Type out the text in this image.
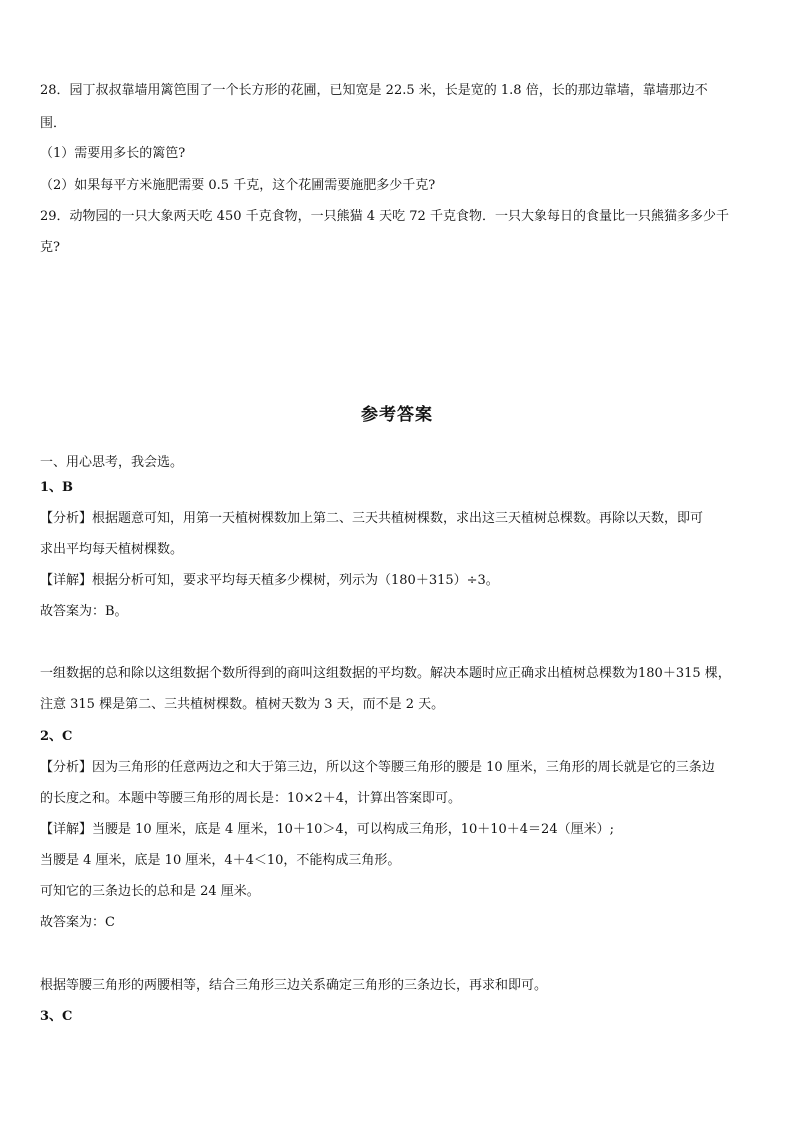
28．园丁叔叔靠墙用篱笆围了一个长方形的花圃，已知宽是 22.5 米，长是宽的 1.8 倍，长的那边靠墙，靠墙那边不
围．
（1）需要用多长的篱笆?
（2）如果每平方米施肥需要 0.5 千克，这个花圃需要施肥多少千克?
29．动物园的一只大象两天吃 450 千克食物，一只熊猫 4 天吃 72 千克食物．一只大象每日的食量比一只熊猫多多少千
克?
参考答案
一、用心思考，我会选。
1、B
【分析】根据题意可知，用第一天植树棵数加上第二、三天共植树棵数，求出这三天植树总棵数。再除以天数，即可
求出平均每天植树棵数。
【详解】根据分析可知，要求平均每天植多少棵树，列示为（180＋315）÷3。
故答案为：B。
一组数据的总和除以这组数据个数所得到的商叫这组数据的平均数。解决本题时应正确求出植树总棵数为180＋315 棵，
注意 315 棵是第二、三共植树棵数。植树天数为 3 天，而不是 2 天。
2、C
【分析】因为三角形的任意两边之和大于第三边，所以这个等腰三角形的腰是 10 厘米，三角形的周长就是它的三条边
的长度之和。本题中等腰三角形的周长是：10×2＋4，计算出答案即可。
【详解】当腰是 10 厘米，底是 4 厘米，10＋10＞4，可以构成三角形，10＋10＋4＝24（厘米）;
当腰是 4 厘米，底是 10 厘米，4＋4＜10，不能构成三角形。
可知它的三条边长的总和是 24 厘米。
故答案为：C
根据等腰三角形的两腰相等，结合三角形三边关系确定三角形的三条边长，再求和即可。
3、C
